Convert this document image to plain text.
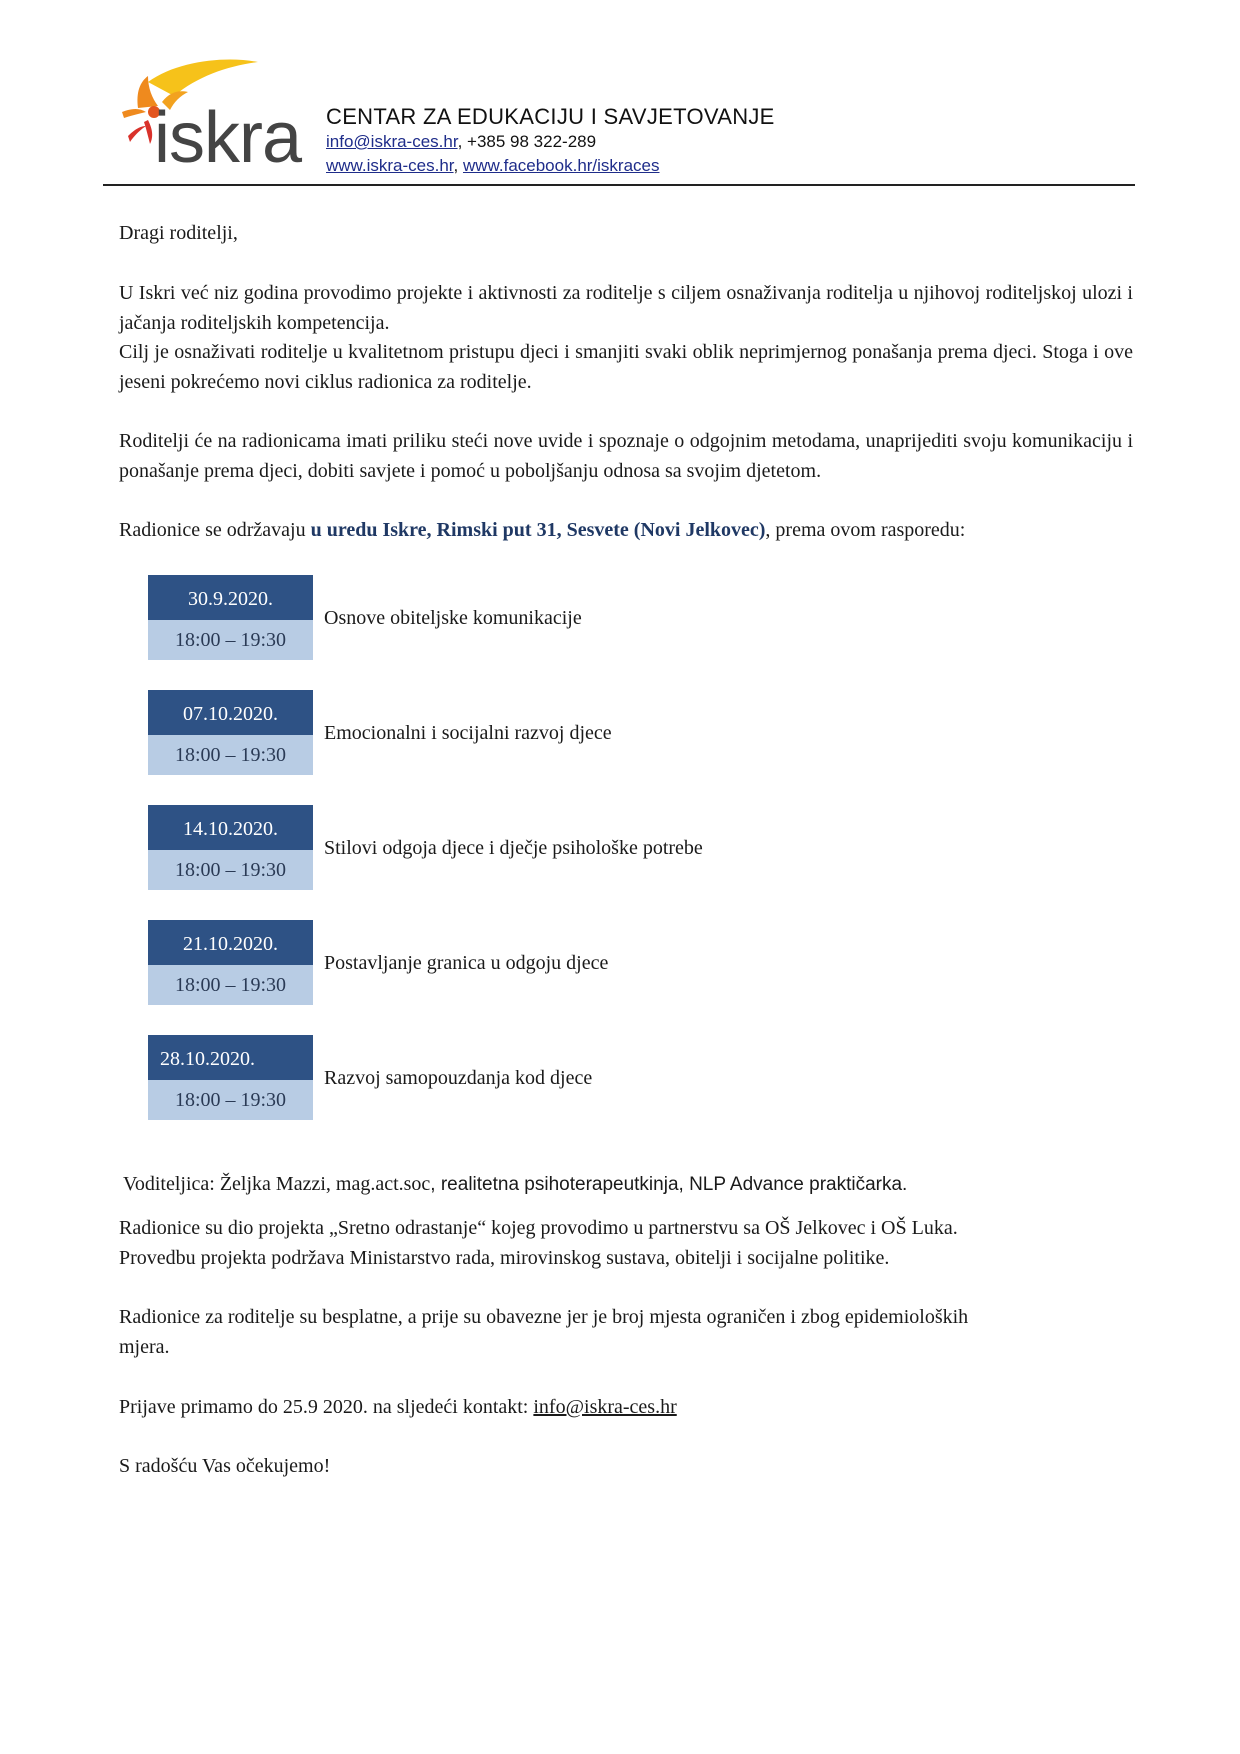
iskra CENTAR ZA EDUKACIJU I SAVJETOVANJE

info@iskra-ces.hr, +385 98 322-289
www.iskra-ces.hr, www.facebook.hr/iskraces
Dragi roditelji,
U Iskri već niz godina provodimo projekte i aktivnosti za roditelje s ciljem osnaživanja roditelja u njihovoj roditeljskoj ulozi i jačanja roditeljskih kompetencija.
Cilj je osnaživati roditelje u kvalitetnom pristupu djeci i smanjiti svaki oblik neprimjernog ponašanja prema djeci. Stoga i ove jeseni pokrećemo novi ciklus radionica za roditelje.
Roditelji će na radionicama imati priliku steći nove uvide i spoznaje o odgojnim metodama, unaprijediti svoju komunikaciju i ponašanje prema djeci, dobiti savjete i pomoć u poboljšanju odnosa sa svojim djetetom.
Radionice se održavaju u uredu Iskre, Rimski put 31, Sesvete (Novi Jelkovec), prema ovom rasporedu:
30.9.2020.
18:00 – 19:30
Osnove obiteljske komunikacije
07.10.2020.
18:00 – 19:30
Emocionalni i socijalni razvoj djece
14.10.2020.
18:00 – 19:30
Stilovi odgoja djece i dječje psihološke potrebe
21.10.2020.
18:00 – 19:30
Postavljanje granica u odgoju djece
28.10.2020.
18:00 – 19:30
Razvoj samopouzdanja kod djece
Voditeljica: Željka Mazzi, mag.act.soc, realitetna psihoterapeutkinja, NLP Advance praktičarka.
Radionice su dio projekta „Sretno odrastanje“ kojeg provodimo u partnerstvu sa OŠ Jelkovec i OŠ Luka.
Provedbu projekta podržava Ministarstvo rada, mirovinskog sustava, obitelji i socijalne politike.
Radionice za roditelje su besplatne, a prije su obavezne jer je broj mjesta ograničen i zbog epidemioloških mjera.
Prijave primamo do 25.9 2020. na sljedeći kontakt: info@iskra-ces.hr
S radošću Vas očekujemo!
